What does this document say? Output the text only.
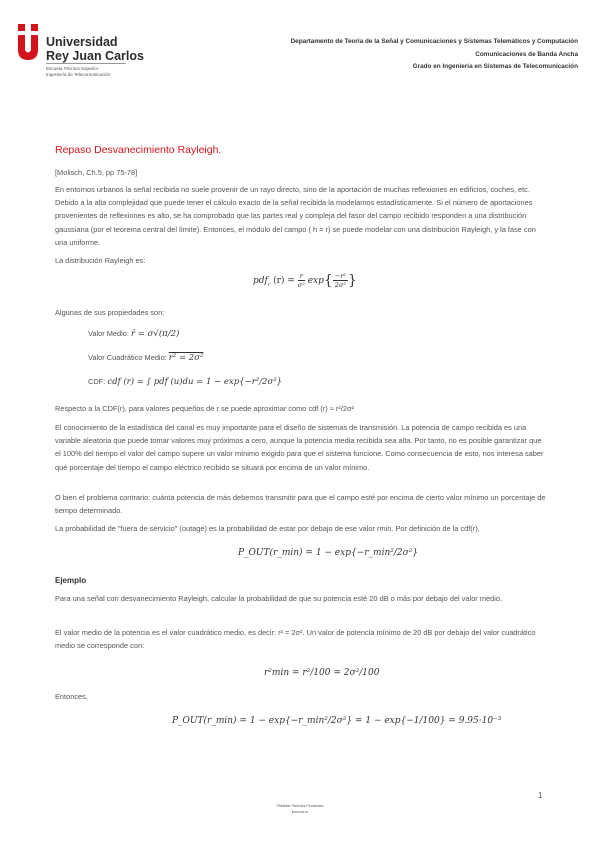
Universidad
Rey Juan Carlos
Escuela Técnica Superior
Ingeniería de Telecomunicación
Departamento de Teoría de la Señal y Comunicaciones y Sistemas Telemáticos y Computación
Comunicaciones de Banda Ancha
Grado en Ingeniería en Sistemas de Telecomunicación
Repaso Desvanecimiento Rayleigh.
[Molisch, Ch.5, pp 75-78]
En entornos urbanos la señal recibida no suele provenir de un rayo directo, sino de la aportación de muchas reflexiones en edificios, coches, etc. Debido a la alta complejidad que puede tener el cálculo exacto de la señal recibida la modelamos estadísticamente. Si el número de aportaciones provenientes de reflexiones es alto, se ha comprobado que las partes real y compleja del fasor del campo recibido responden a una distribución gaussiana (por el teorema central del límite). Entonces, el módulo del campo ( h = r) se puede modelar con una distribución Rayleigh, y la fase con una uniforme.
La distribución Rayleigh es:
pdf$_r$ $(r) = \frac{r}{\text{σ²}} \exp\{ \frac{\text{−r²}}{\text{2σ²}}$ }
Algunas de sus propiedades son:
Valor Medio: r̄ = σ√(π/2)
Valor Cuadrático Medio: r² = 2σ²
CDF: cdf (r) = ∫ pdf (u)du = 1 − exp{−r²/2σ²}
Respecto a la CDF(r), para valores pequeños de r se puede aproximar como cdf (r) ≈ r²/2σ²
El conocimiento de la estadística del canal es muy importante para el diseño de sistemas de transmisión. La potencia de campo recibida es una variable aleatoria que puede tomar valores muy próximos a cero, aunque la potencia media recibida sea alta. Por tanto, no es posible garantizar que el 100% del tiempo el valor del campo supere un valor mínimo exigido para que el sistema funcione. Como consecuencia de esto, nos interesa saber qué porcentaje del tiempo el campo eléctrico recibido se situará por encima de un valor mínimo.
O bien el problema contrario: cuánta potencia de más debemos transmitir para que el campo esté por encima de cierto valor mínimo un porcentaje de tiempo determinado.
La probabilidad de "fuera de servicio" (outage) es la probabilidad de estar por debajo de ese valor rmin. Por definición de la cdf(r),
P_OUT(r_min) = 1 − exp{−r_min²/2σ²}
Ejemplo
Para una señal con desvanecimiento Rayleigh, calcular la probabilidad de que su potencia esté 20 dB o más por debajo del valor medio.
El valor medio de la potencia es el valor cuadrático medio, es decir: r² = 2σ². Un valor de potencia mínimo de 20 dB por debajo del valor cuadrático medio se corresponde con:
r²min = r²/100 = 2σ²/100
Entonces,
P_OUT(r_min) = 1 − exp{−r_min²/2σ²} = 1 − exp{−1/100} = 9.95·10⁻³
1
©Matilde Sánchez Fernández
licencia cc
